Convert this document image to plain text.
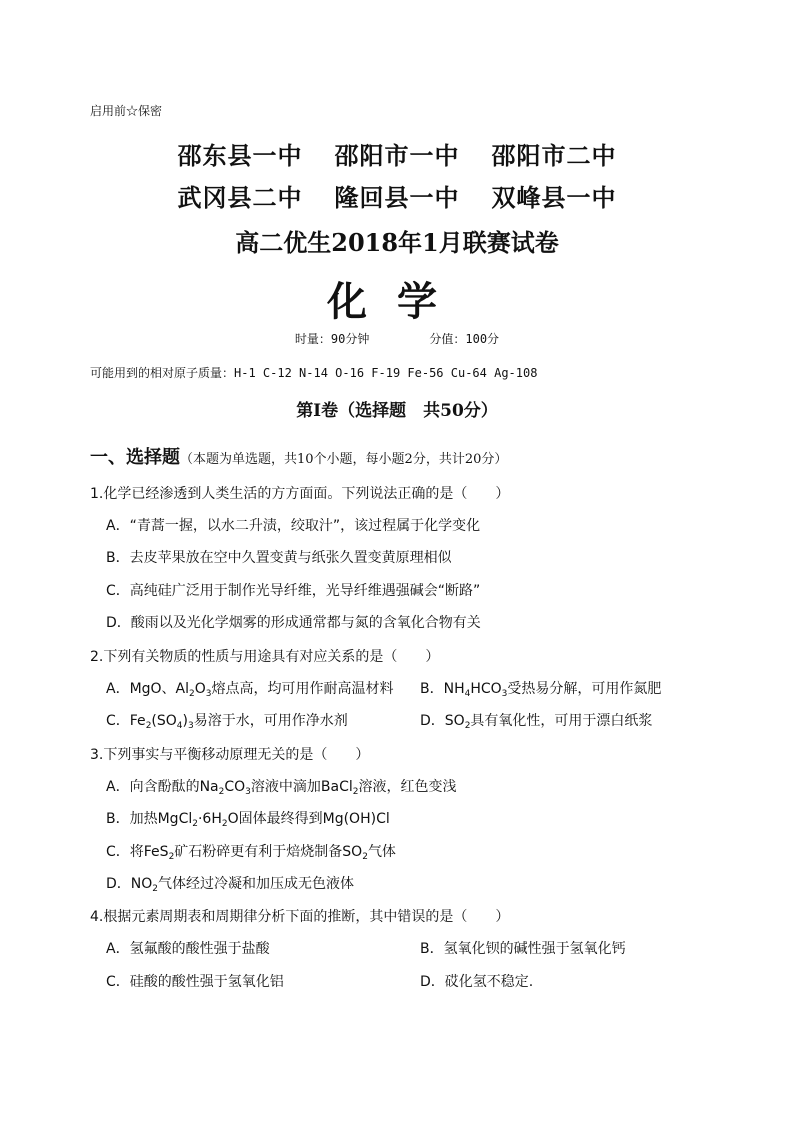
启用前☆保密
邵东县一中 邵阳市一中 邵阳市二中
武冈县二中 隆回县一中 双峰县一中
高二优生2018年1月联赛试卷
化学
时量：90分钟	分值：100分
可能用到的相对原子质量：H-1 C-12 N-14 O-16 F-19 Fe-56 Cu-64 Ag-108
第Ⅰ卷（选择题　共50分）
一、选择题（本题为单选题，共10个小题，每小题2分，共计20分）
1.化学已经渗透到人类生活的方方面面。下列说法正确的是（　　）
A．“青蒿一握，以水二升渍，绞取汁”，该过程属于化学变化
B．去皮苹果放在空中久置变黄与纸张久置变黄原理相似
C．高纯硅广泛用于制作光导纤维，光导纤维遇强碱会“断路”
D．酸雨以及光化学烟雾的形成通常都与氮的含氧化合物有关
2.下列有关物质的性质与用途具有对应关系的是（　　）
A．MgO、$Al_2O_3$熔点高，均可用作耐高温材料 B．$NH_4HCO_3$受热易分解，可用作氮肥
C．$Fe_2(SO_4)_3$易溶于水，可用作净水剂	D．$SO_2$具有氧化性，可用于漂白纸浆
3.下列事实与平衡移动原理无关的是（　　）
A．向含酚酞的$Na_2CO_3$溶液中滴加BaCl$_2$溶液，红色变浅
B．加热$MgCl_2\cdot 6H_2O$固体最终得到Mg(OH)Cl
C．将FeS$_2$矿石粉碎更有利于焙烧制备$SO_2$气体
D．$NO_2$气体经过冷凝和加压成无色液体
4.根据元素周期表和周期律分析下面的推断，其中错误的是（　　）
A．氢氟酸的酸性强于盐酸	B．氢氧化钡的碱性强于氢氧化钙
C．硅酸的酸性强于氢氧化铝	D．砹化氢不稳定.
